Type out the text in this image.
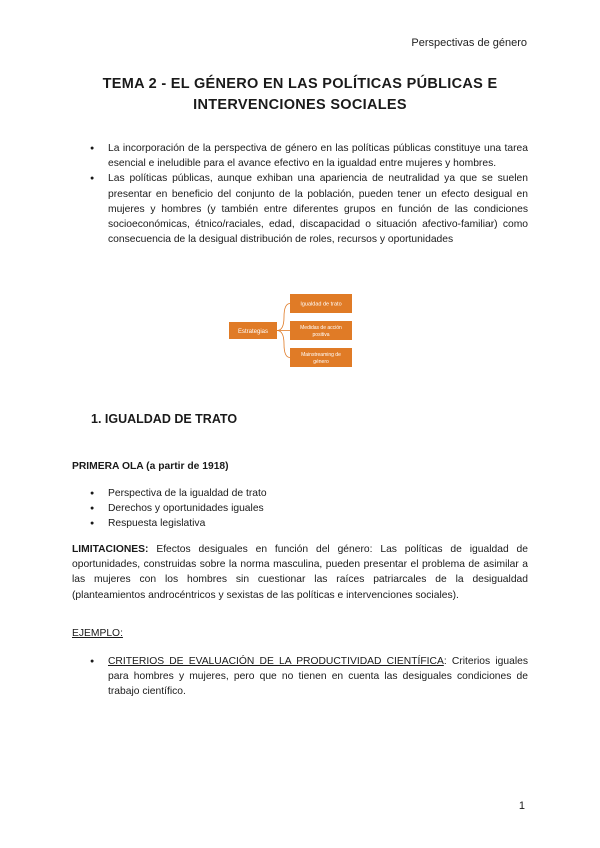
Perspectivas de género
TEMA 2 - EL GÉNERO EN LAS POLÍTICAS PÚBLICAS E
INTERVENCIONES SOCIALES
● La incorporación de la perspectiva de género en las políticas públicas constituye una tarea esencial e ineludible para el avance efectivo en la igualdad entre mujeres y hombres.
● Las políticas públicas, aunque exhiban una apariencia de neutralidad ya que se suelen presentar en beneficio del conjunto de la población, pueden tener un efecto desigual en mujeres y hombres (y también entre diferentes grupos en función de las condiciones socioeconómicas, étnico/raciales, edad, discapacidad o situación afectivo-familiar) como consecuencia de la desigual distribución de roles, recursos y oportunidades
Estrategias
Igualdad de trato
Medidas de acción
positiva
Mainstreaming de
género
1. IGUALDAD DE TRATO
PRIMERA OLA (a partir de 1918)
● Perspectiva de la igualdad de trato
● Derechos y oportunidades iguales
● Respuesta legislativa

LIMITACIONES: Efectos desiguales en función del género: Las políticas de igualdad de oportunidades, construidas sobre la norma masculina, pueden presentar el problema de asimilar a las mujeres con los hombres sin cuestionar las raíces patriarcales de la desigualdad (planteamientos androcéntricos y sexistas de las políticas e intervenciones sociales).

EJEMPLO:

● CRITERIOS DE EVALUACIÓN DE LA PRODUCTIVIDAD CIENTÍFICA: Criterios iguales para hombres y mujeres, pero que no tienen en cuenta las desiguales condiciones de trabajo científico.
1
